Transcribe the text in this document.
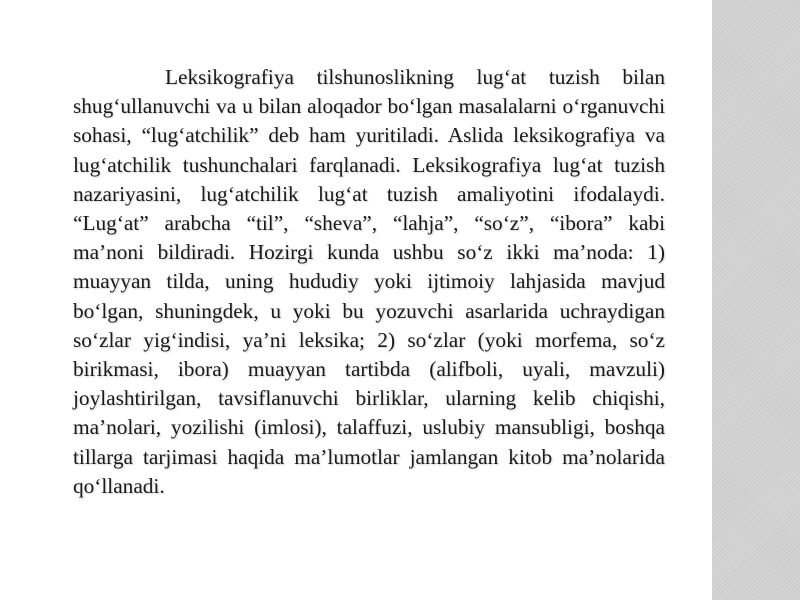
Leksikografiya tilshunoslikning lug‘at tuzish bilan shug‘ullanuvchi va u bilan aloqador bo‘lgan masalalarni o‘rganuvchi sohasi, “lug‘atchilik” deb ham yuritiladi. Aslida leksikografiya va lug‘atchilik tushunchalari farqlanadi. Leksikografiya lug‘at tuzish nazariyasini, lug‘atchilik lug‘at tuzish amaliyotini ifodalaydi. “Lug‘at” arabcha “til”, “sheva”, “lahja”, “so‘z”, “ibora” kabi ma’noni bildiradi. Hozirgi kunda ushbu so‘z ikki ma’noda: 1) muayyan tilda, uning hududiy yoki ijtimoiy lahjasida mavjud bo‘lgan, shuningdek, u yoki bu yozuvchi asarlarida uchraydigan so‘zlar yig‘indisi, ya’ni leksika; 2) so‘zlar (yoki morfema, so‘z birikmasi, ibora) muayyan tartibda (alifboli, uyali, mavzuli) joylashtirilgan, tavsiflanuvchi birliklar, ularning kelib chiqishi, ma’nolari, yozilishi (imlosi), talaffuzi, uslubiy mansubligi, boshqa tillarga tarjimasi haqida ma’lumotlar jamlangan kitob ma’nolarida qo‘llanadi.
